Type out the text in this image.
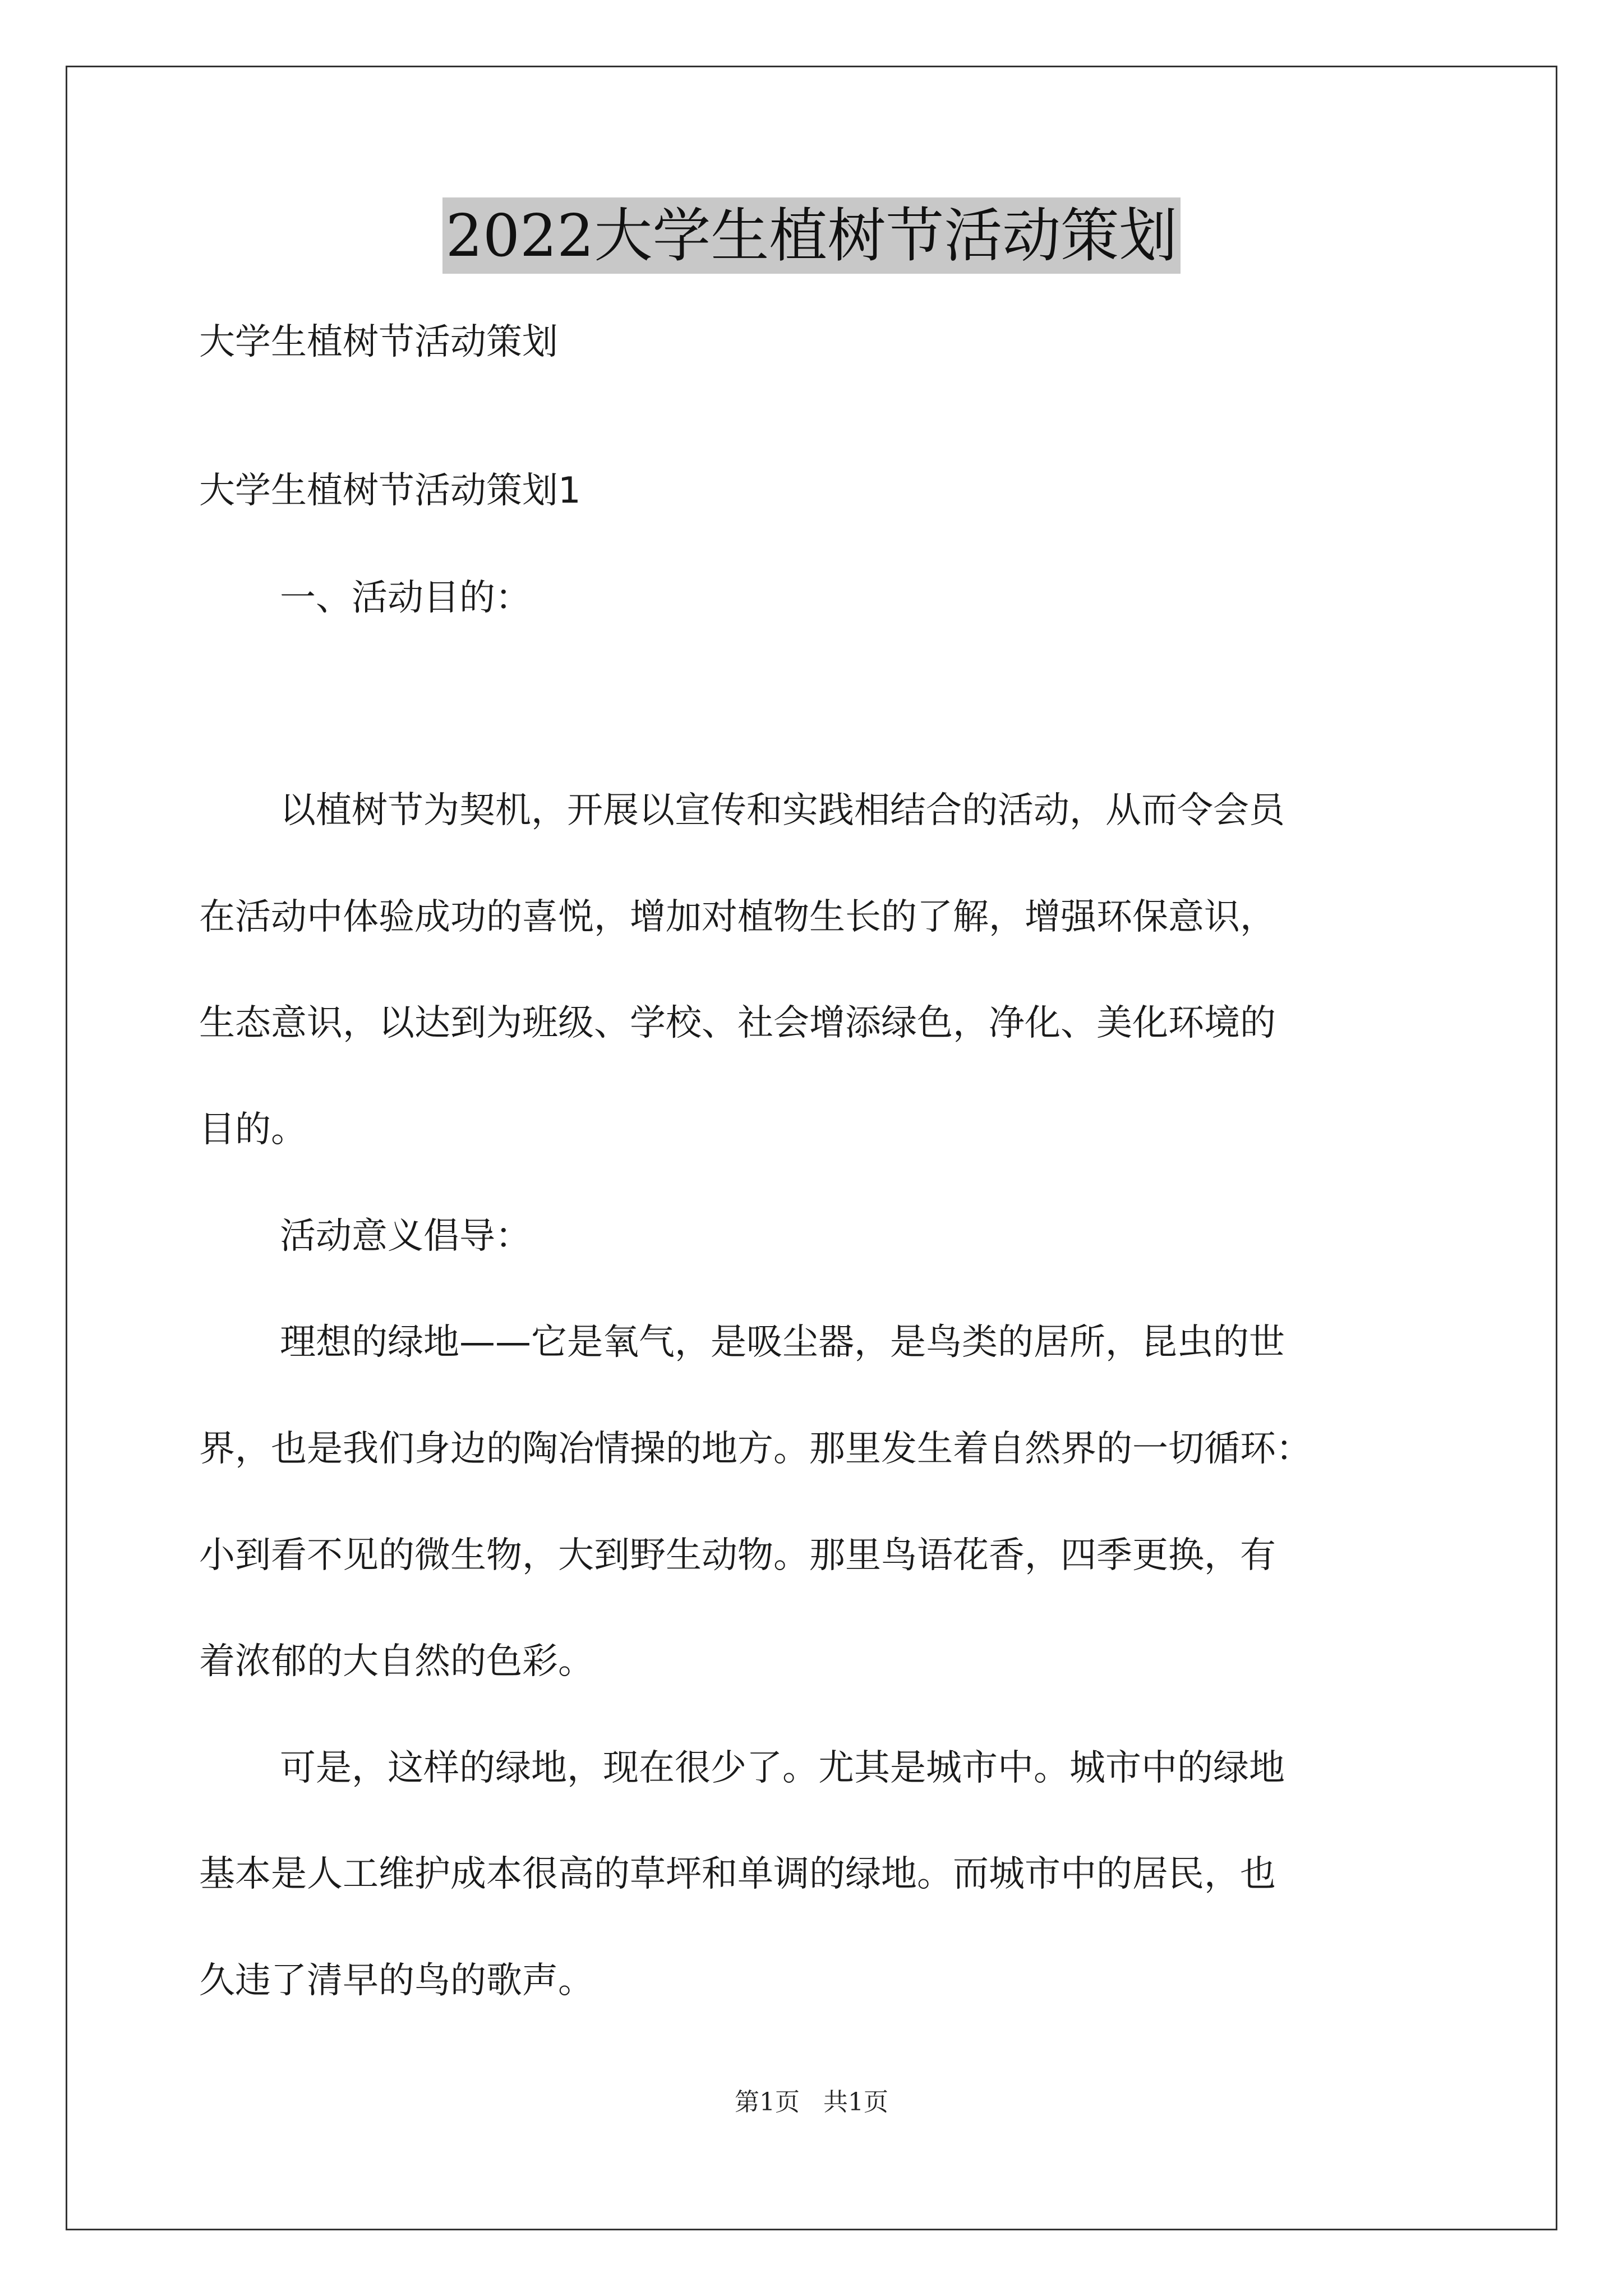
2022大学生植树节活动策划
大学生植树节活动策划
大学生植树节活动策划1
一、活动目的：
以植树节为契机，开展以宣传和实践相结合的活动，从而令会员
在活动中体验成功的喜悦，增加对植物生长的了解，增强环保意识，
生态意识，以达到为班级、学校、社会增添绿色，净化、美化环境的
目的。
活动意义倡导：
理想的绿地——它是氧气，是吸尘器，是鸟类的居所，昆虫的世
界，也是我们身边的陶冶情操的地方。那里发生着自然界的一切循环：
小到看不见的微生物，大到野生动物。那里鸟语花香，四季更换，有
着浓郁的大自然的色彩。
可是，这样的绿地，现在很少了。尤其是城市中。城市中的绿地
基本是人工维护成本很高的草坪和单调的绿地。而城市中的居民，也
久违了清早的鸟的歌声。
第1页   共1页
